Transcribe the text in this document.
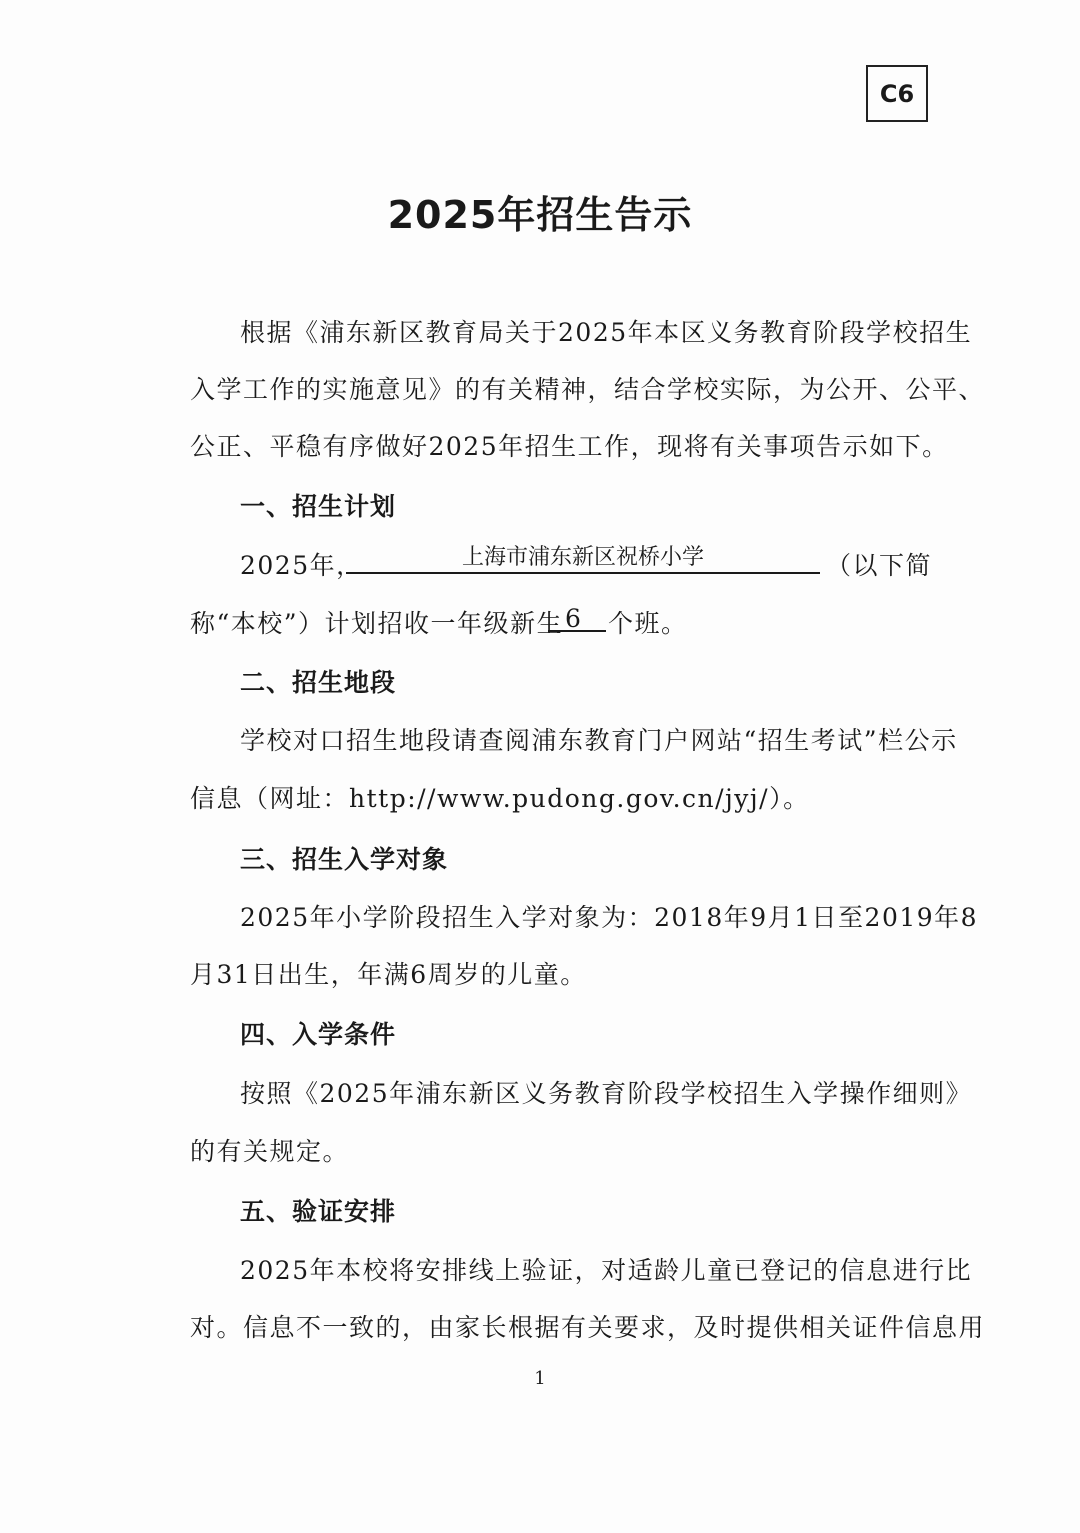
C6
2025年招生告示
根据《浦东新区教育局关于2025年本区义务教育阶段学校招生
入学工作的实施意见》的有关精神，结合学校实际，为公开、公平、
公正、平稳有序做好2025年招生工作，现将有关事项告示如下。
一、招生计划
2025年，	上海市浦东新区祝桥小学	（以下简
称“本校”）计划招收一年级新生 6	个班。
二、招生地段
学校对口招生地段请查阅浦东教育门户网站“招生考试”栏公示
信息（网址：http://www.pudong.gov.cn/jyj/）。
三、招生入学对象
2025年小学阶段招生入学对象为：2018年9月1日至2019年8
月31日出生，年满6周岁的儿童。
四、入学条件
按照《2025年浦东新区义务教育阶段学校招生入学操作细则》
的有关规定。
五、验证安排
2025年本校将安排线上验证，对适龄儿童已登记的信息进行比
对。信息不一致的，由家长根据有关要求，及时提供相关证件信息用
1
